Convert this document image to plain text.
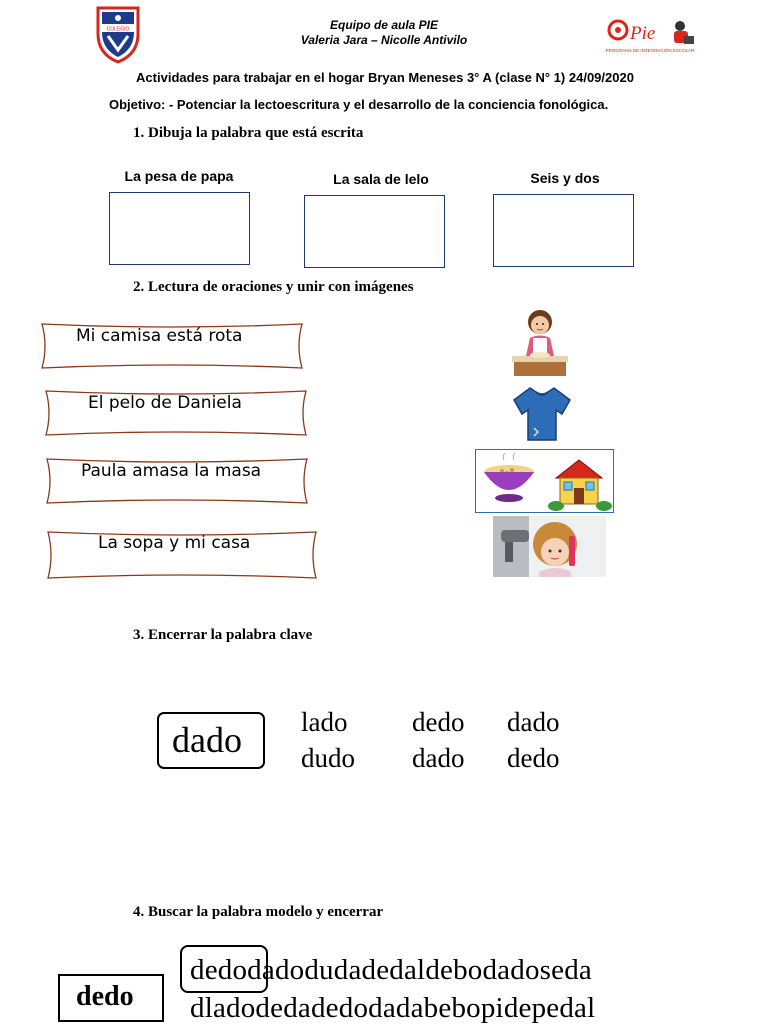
COLEGIO	Equipo de aula PIE
Valeria Jara – Nicolle Antivilo	Pie
PROGRAMA DE INTEGRACIÓN ESCOLAR
Actividades para trabajar en el hogar Bryan Meneses 3° A (clase N° 1) 24/09/2020
Objetivo: - Potenciar la lectoescritura y el desarrollo de la conciencia fonológica.
1. Dibuja la palabra que está escrita
La pesa de papa	La sala de lelo	Seis y dos
2. Lectura de oraciones y unir con imágenes
Mi camisa está rota
El pelo de Daniela
Paula amasa la masa
La sopa y mi casa
3. Encerrar la palabra clave
dado lado dedo dado
dudo dado dedo
4. Buscar la palabra modelo y encerrar
dedo
dedodadodudadedaldebodadoseda
dladodedadedodadabebopidepedal
